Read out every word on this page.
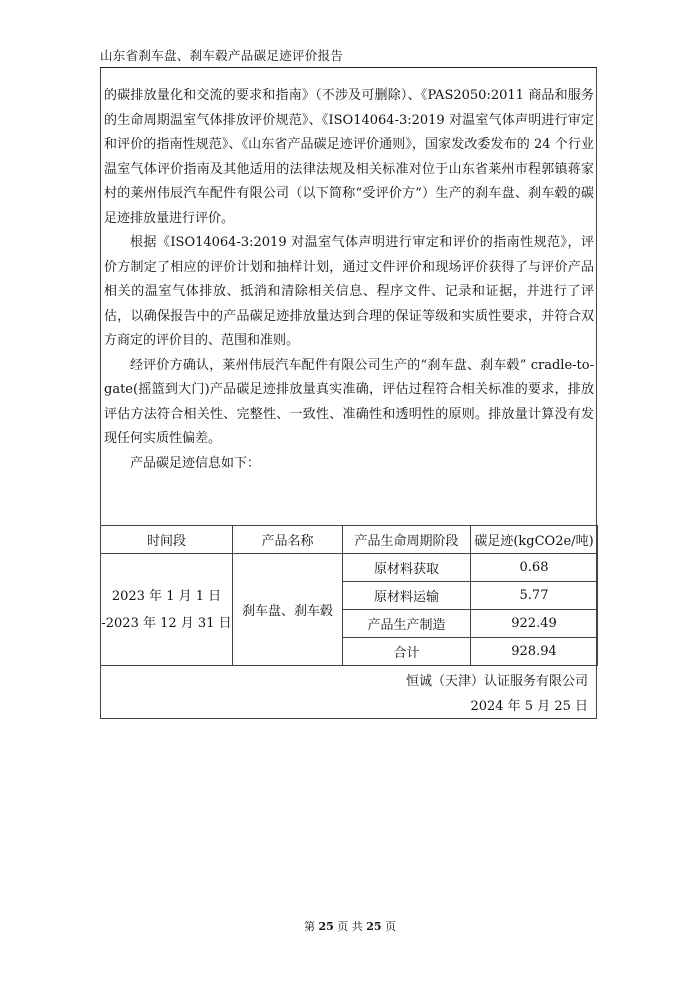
山东省刹车盘、刹车毂产品碳足迹评价报告

的碳排放量化和交流的要求和指南》（不涉及可删除）、《PAS2050:2011 商品和服务的生命周期温室气体排放评价规范》、《ISO14064-3:2019 对温室气体声明进行审定和评价的指南性规范》、《山东省产品碳足迹评价通则》，国家发改委发布的 24 个行业温室气体评价指南及其他适用的法律法规及相关标准对位于山东省莱州市程郭镇蒋家村的莱州伟辰汽车配件有限公司（以下简称“受评价方”）生产的刹车盘、刹车毂的碳足迹排放量进行评价。

根据《ISO14064-3:2019 对温室气体声明进行审定和评价的指南性规范》，评价方制定了相应的评价计划和抽样计划，通过文件评价和现场评价获得了与评价产品相关的温室气体排放、抵消和清除相关信息、程序文件、记录和证据，并进行了评估，以确保报告中的产品碳足迹排放量达到合理的保证等级和实质性要求，并符合双方商定的评价目的、范围和准则。

经评价方确认，莱州伟辰汽车配件有限公司生产的“刹车盘、刹车毂” cradle-to-gate(摇篮到大门)产品碳足迹排放量真实准确，评估过程符合相关标准的要求，排放评估方法符合相关性、完整性、一致性、准确性和透明性的原则。排放量计算没有发现任何实质性偏差。

产品碳足迹信息如下：

时间段	产品名称	产品生命周期阶段	碳足迹(kgCO2e/吨)

2023 年 1 月 1 日
-2023 年 12 月 31 日	刹车盘、刹车毂	原材料获取	0.68
		原材料运输	5.77
		产品生产制造	922.49
		合计	928.94
恒诚（天津）认证服务有限公司
2024 年 5 月 25 日
第 25 页 共 25 页
